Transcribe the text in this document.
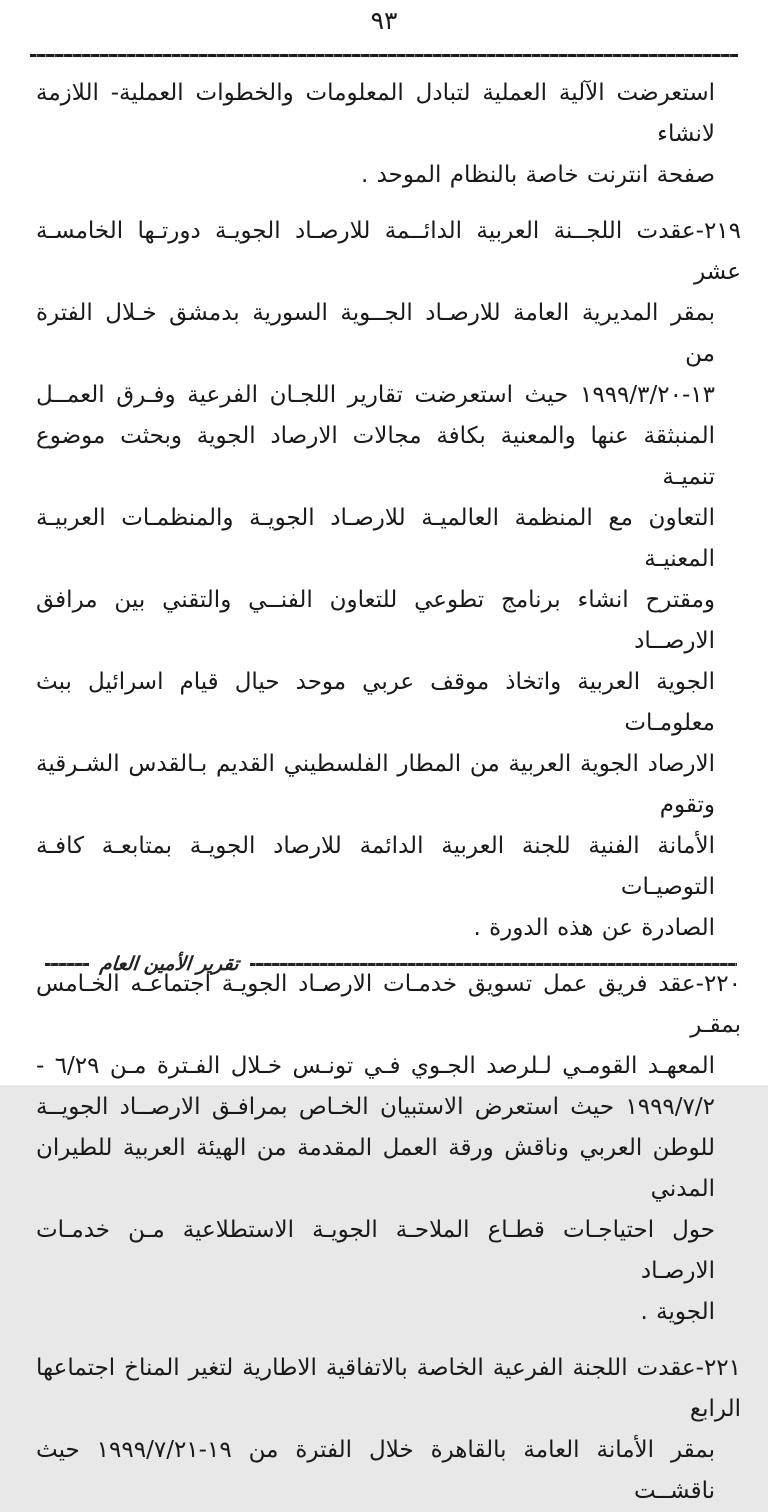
٩٣
استعرضت الآلية العملية لتبادل المعلومات والخطوات العملية- اللازمة لانشاء
صفحة انترنت خاصة بالنظام الموحد .
٢١٩-عقدت اللجــنة العربية الدائــمة للارصـاد الجويـة دورتـها الخامسـة عشر
بمقر المديرية العامة للارصـاد الجــوية السورية بدمشق خـلال الفترة من
١٣-١٩٩٩/٣/٢٠ حيث استعرضت تقارير اللجـان الفرعية وفـرق العمــل
المنبثقة عنها والمعنية بكافة مجالات الارصاد الجوية وبحثت موضوع تنميـة
التعاون مع المنظمة العالميـة للارصـاد الجويـة والمنظمـات العربيـة المعنيـة
ومقترح انشاء برنامج تطوعي للتعاون الفنــي والتقني بين مرافق الارصــاد
الجوية العربية واتخاذ موقف عربي موحد حيال قيام اسرائيل ببث معلومـات
الارصاد الجوية العربية من المطار الفلسطيني القديم بـالقدس الشـرقية وتقوم
الأمانة الفنية للجنة العربية الدائمة للارصاد الجويـة بمتابعـة كافـة التوصيـات
الصادرة عن هذه الدورة .
٢٢٠-عقد فريق عمل تسويق خدمـات الارصـاد الجويـة اجتماعـه الخـامس بمقـر
المعهـد القومـي لـلرصد الجـوي فـي تونـس خـلال الفـترة مـن ٦/٢٩ -
١٩٩٩/٧/٢ حيث استعرض الاستبيان الخـاص بمرافـق الارصــاد الجويــة
للوطن العربي وناقش ورقة العمل المقدمة من الهيئة العربية للطيران المدني
حول احتياجـات قطـاع الملاحـة الجويـة الاستطلاعية مـن خدمـات الارصـاد
الجوية .
٢٢١-عقدت اللجنة الفرعية الخاصة بالاتفاقية الاطارية لتغير المناخ اجتماعها الرابع
بمقر الأمانة العامة بالقاهرة خلال الفترة من ١٩-١٩٩٩/٧/٢١ حيث ناقشــت
تقرير الأمين العام
